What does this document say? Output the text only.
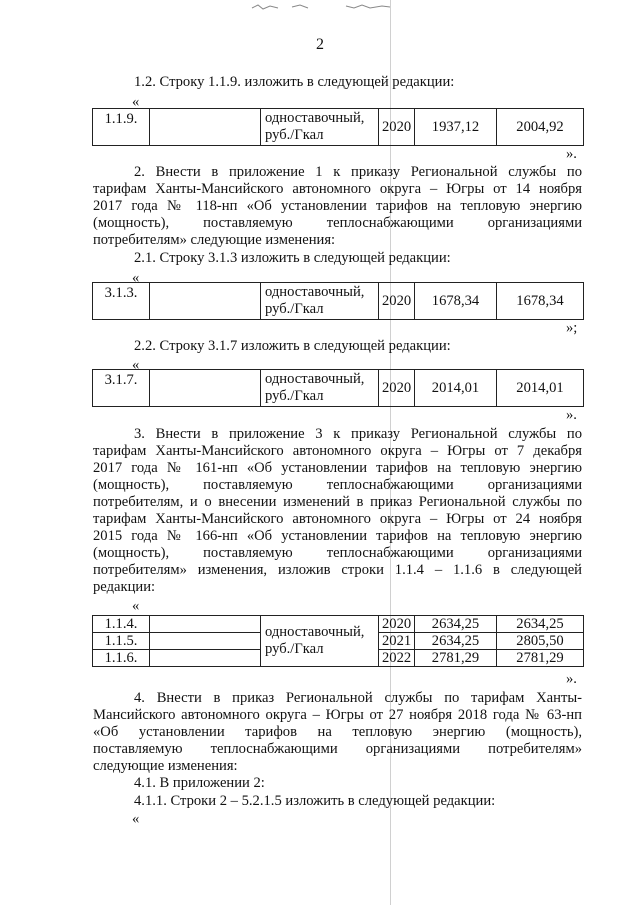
2
1.2. Строку 1.1.9. изложить в следующей редакции:
«
1.1.9.		одноставочный,
руб./Гкал	2020	1937,12	2004,92
».
2. Внести в приложение 1 к приказу Региональной службы по
тарифам Ханты-Мансийского автономного округа – Югры от 14 ноября
2017 года № 118-нп «Об установлении тарифов на тепловую энергию
(мощность), поставляемую теплоснабжающими организациями
потребителям» следующие изменения:
2.1. Строку 3.1.3 изложить в следующей редакции:
«
3.1.3.		одноставочный,
руб./Гкал	2020	1678,34	1678,34
»;
2.2. Строку 3.1.7 изложить в следующей редакции:
«
3.1.7.		одноставочный,
руб./Гкал	2020	2014,01	2014,01
».
3. Внести в приложение 3 к приказу Региональной службы по
тарифам Ханты-Мансийского автономного округа – Югры от 7 декабря
2017 года № 161-нп «Об установлении тарифов на тепловую энергию
(мощность), поставляемую теплоснабжающими организациями
потребителям, и о внесении изменений в приказ Региональной службы по
тарифам Ханты-Мансийского автономного округа – Югры от 24 ноября
2015 года № 166-нп «Об установлении тарифов на тепловую энергию
(мощность), поставляемую теплоснабжающими организациями
потребителям» изменения, изложив строки 1.1.4 – 1.1.6 в следующей
редакции:
«
1.1.4.		одноставочный,
руб./Гкал	2020	2634,25	2634,25
1.1.5.			2021	2634,25	2805,50
1.1.6.			2022	2781,29	2781,29
».
4. Внести в приказ Региональной службы по тарифам Ханты-
Мансийского автономного округа – Югры от 27 ноября 2018 года № 63-нп
«Об установлении тарифов на тепловую энергию (мощность),
поставляемую теплоснабжающими организациями потребителям»
следующие изменения:
4.1. В приложении 2:
4.1.1. Строки 2 – 5.2.1.5 изложить в следующей редакции:
«
